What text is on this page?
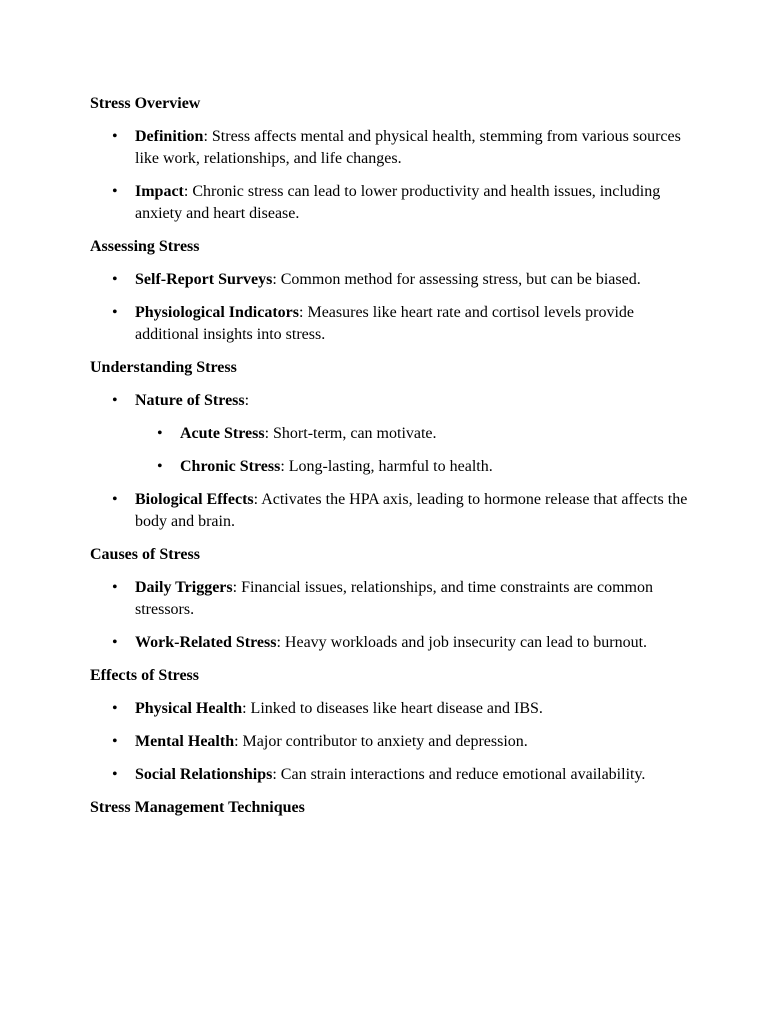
Stress Overview
• Definition: Stress affects mental and physical health, stemming from various sources like work, relationships, and life changes.
• Impact: Chronic stress can lead to lower productivity and health issues, including anxiety and heart disease.
Assessing Stress
• Self-Report Surveys: Common method for assessing stress, but can be biased.
• Physiological Indicators: Measures like heart rate and cortisol levels provide additional insights into stress.
Understanding Stress
• Nature of Stress:
• Acute Stress: Short-term, can motivate.
• Chronic Stress: Long-lasting, harmful to health.
• Biological Effects: Activates the HPA axis, leading to hormone release that affects the body and brain.
Causes of Stress
• Daily Triggers: Financial issues, relationships, and time constraints are common stressors.
• Work-Related Stress: Heavy workloads and job insecurity can lead to burnout.
Effects of Stress
• Physical Health: Linked to diseases like heart disease and IBS.
• Mental Health: Major contributor to anxiety and depression.
• Social Relationships: Can strain interactions and reduce emotional availability.
Stress Management Techniques
